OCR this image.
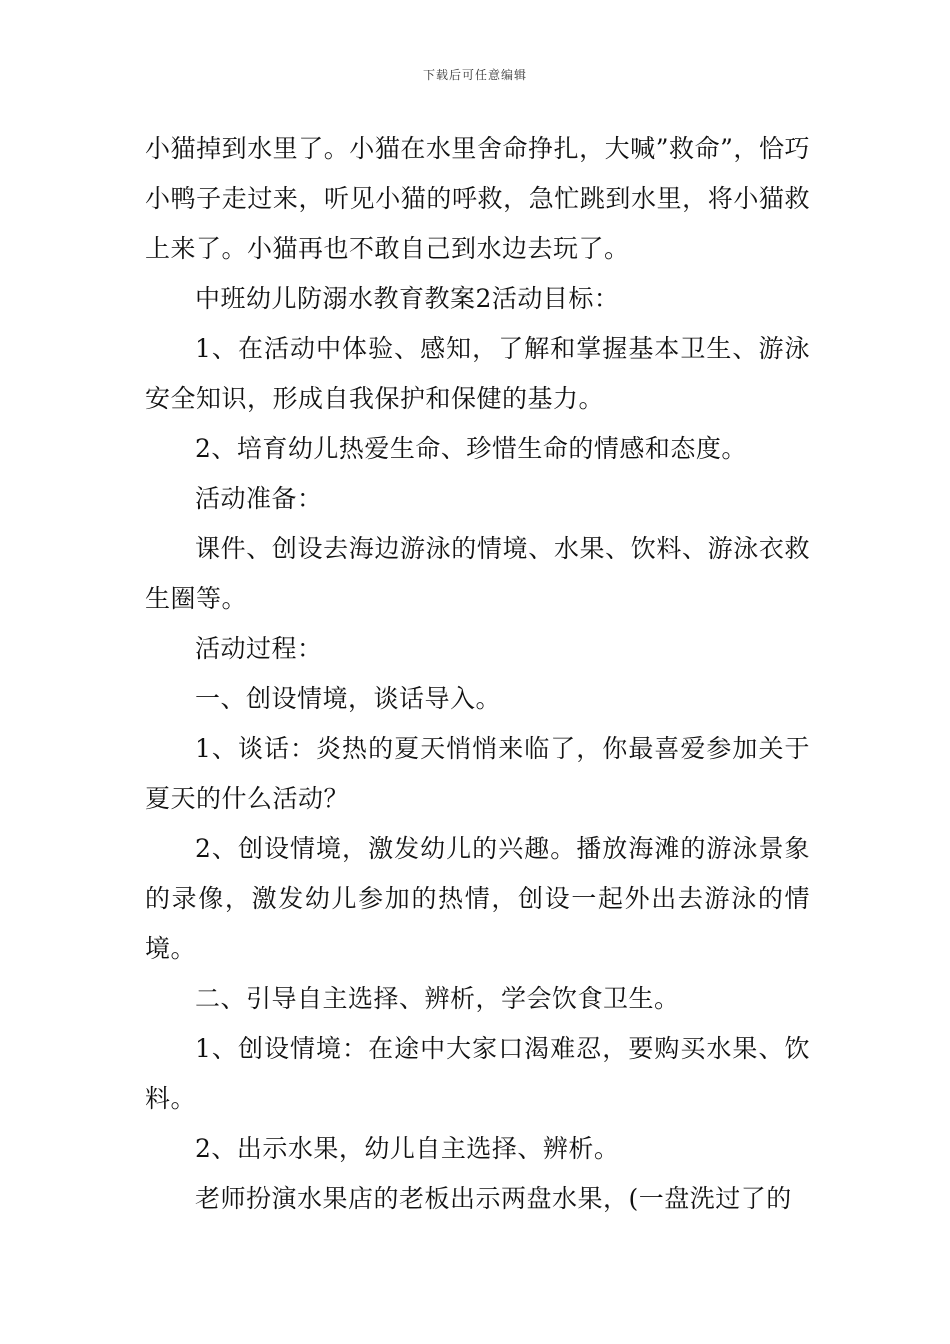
下载后可任意编辑

小猫掉到水里了。小猫在水里舍命挣扎，大喊”救命”，恰巧小鸭子走过来，听见小猫的呼救，急忙跳到水里，将小猫救上来了。小猫再也不敢自己到水边去玩了。

中班幼儿防溺水教育教案2活动目标：

1、在活动中体验、感知，了解和掌握基本卫生、游泳安全知识，形成自我保护和保健的基力。

2、培育幼儿热爱生命、珍惜生命的情感和态度。

活动准备：

课件、创设去海边游泳的情境、水果、饮料、游泳衣救生圈等。

活动过程：

一、创设情境，谈话导入。

1、谈话：炎热的夏天悄悄来临了，你最喜爱参加关于夏天的什么活动？

2、创设情境，激发幼儿的兴趣。播放海滩的游泳景象的录像，激发幼儿参加的热情，创设一起外出去游泳的情境。

二、引导自主选择、辨析，学会饮食卫生。

1、创设情境：在途中大家口渴难忍，要购买水果、饮料。

2、出示水果，幼儿自主选择、辨析。

老师扮演水果店的老板出示两盘水果，(一盘洗过了的
